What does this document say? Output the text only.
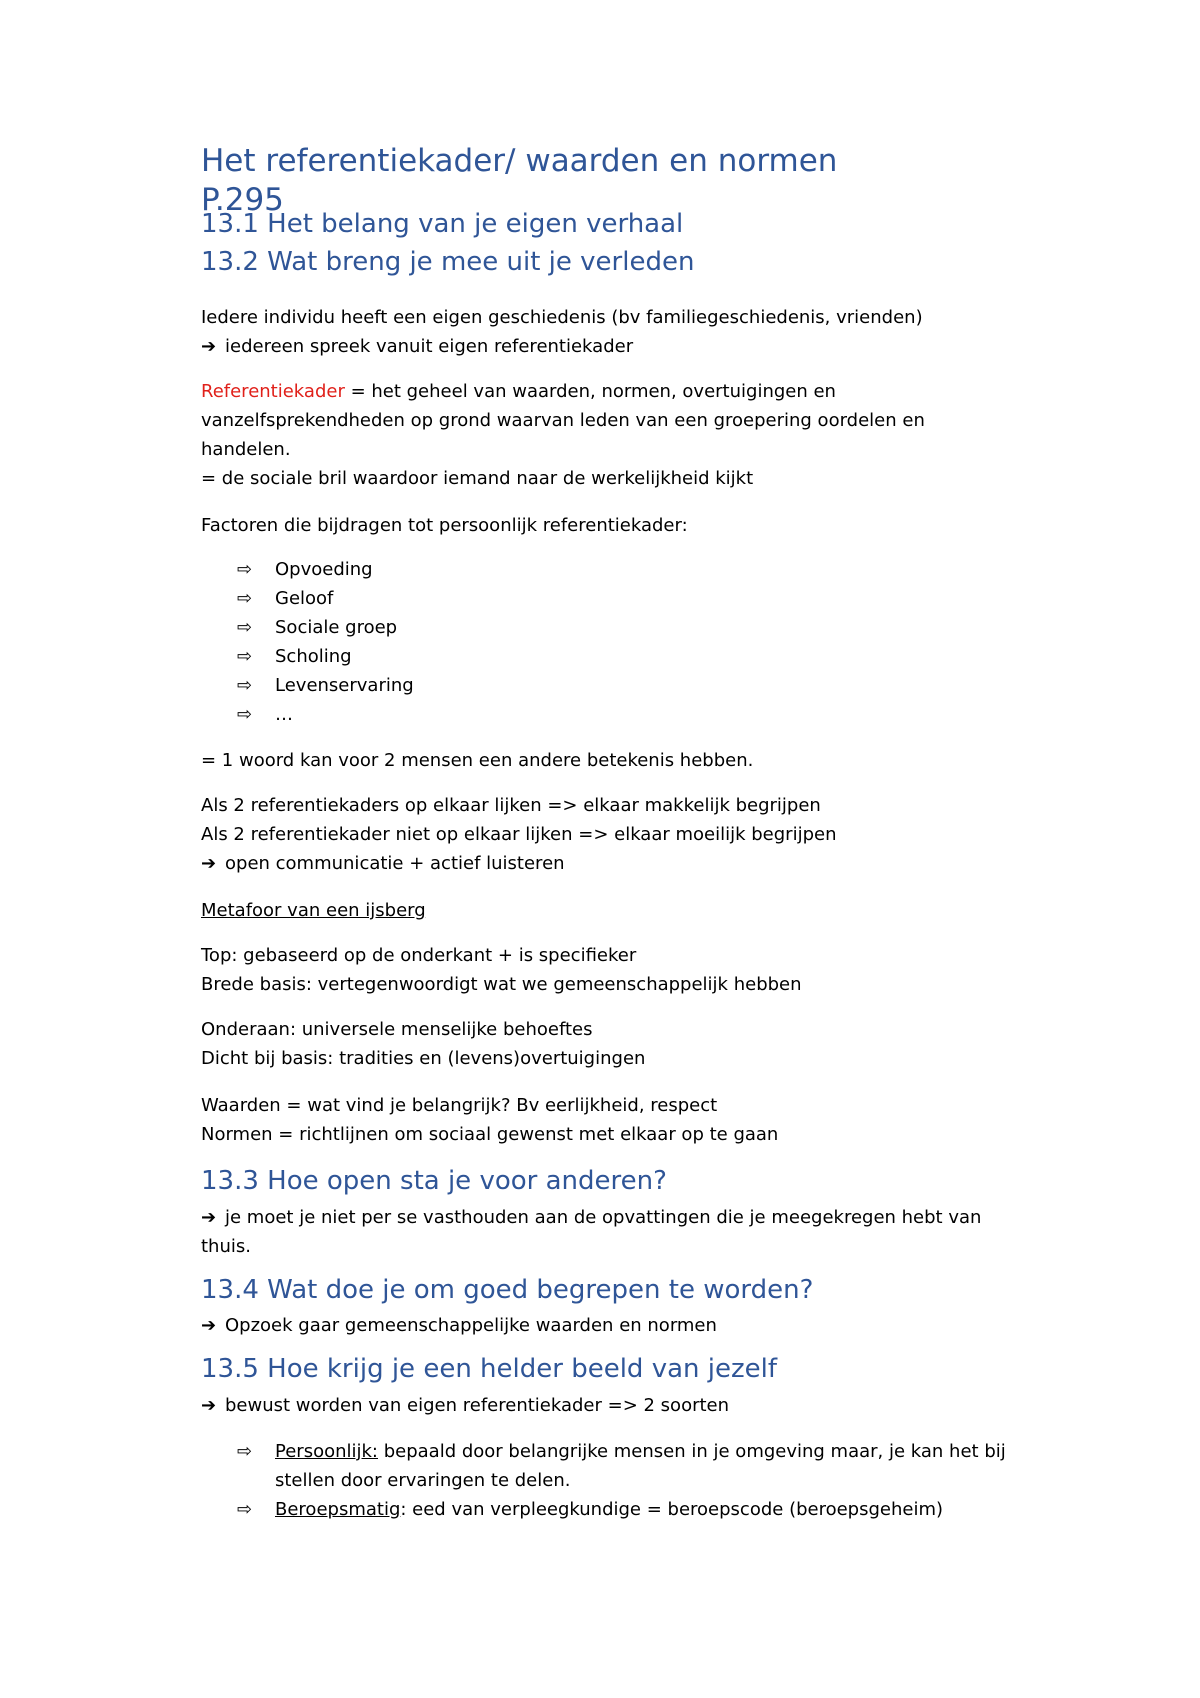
Het referentiekader/ waarden en normen
P.295
13.1 Het belang van je eigen verhaal
13.2 Wat breng je mee uit je verleden
Iedere individu heeft een eigen geschiedenis (bv familiegeschiedenis, vrienden)
➔ iedereen spreek vanuit eigen referentiekader
Referentiekader = het geheel van waarden, normen, overtuigingen en
vanzelfsprekendheden op grond waarvan leden van een groepering oordelen en
handelen.
= de sociale bril waardoor iemand naar de werkelijkheid kijkt
Factoren die bijdragen tot persoonlijk referentiekader:
⇨ Opvoeding
⇨ Geloof
⇨ Sociale groep
⇨ Scholing
⇨ Levenservaring
⇨ …
= 1 woord kan voor 2 mensen een andere betekenis hebben.
Als 2 referentiekaders op elkaar lijken => elkaar makkelijk begrijpen
Als 2 referentiekader niet op elkaar lijken => elkaar moeilijk begrijpen
➔ open communicatie + actief luisteren
Metafoor van een ijsberg
Top: gebaseerd op de onderkant + is specifieker
Brede basis: vertegenwoordigt wat we gemeenschappelijk hebben
Onderaan: universele menselijke behoeftes
Dicht bij basis: tradities en (levens)overtuigingen
Waarden = wat vind je belangrijk? Bv eerlijkheid, respect
Normen = richtlijnen om sociaal gewenst met elkaar op te gaan
13.3 Hoe open sta je voor anderen?
➔ je moet je niet per se vasthouden aan de opvattingen die je meegekregen hebt van
thuis.
13.4 Wat doe je om goed begrepen te worden?
➔ Opzoek gaar gemeenschappelijke waarden en normen
13.5 Hoe krijg je een helder beeld van jezelf
➔ bewust worden van eigen referentiekader => 2 soorten
⇨ Persoonlijk: bepaald door belangrijke mensen in je omgeving maar, je kan het bij
stellen door ervaringen te delen.
⇨ Beroepsmatig: eed van verpleegkundige = beroepscode (beroepsgeheim)
